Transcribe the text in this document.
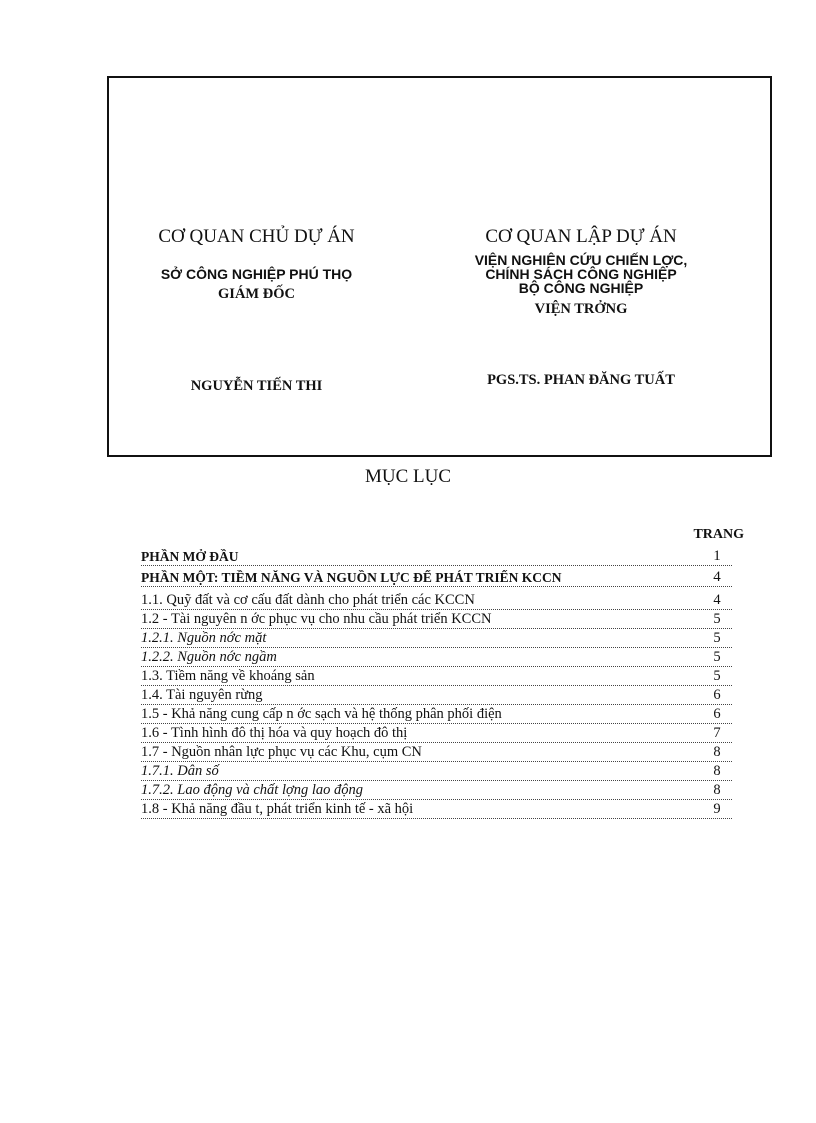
CƠ QUAN CHỦ DỰ ÁN
SỞ CÔNG NGHIỆP PHÚ THỌ
GIÁM ĐỐC
NGUYỄN TIẾN THI
CƠ QUAN LẬP DỰ ÁN
VIỆN NGHIÊN CỨU CHIẾN LỢC,
CHÍNH SÁCH CÔNG NGHIỆP
BỘ CÔNG NGHIỆP
VIỆN TRỞNG
PGS.TS. PHAN ĐĂNG TUẤT
MỤC LỤC
TRANG
PHẦN MỞ ĐẦU	1
PHẦN MỘT: TIỀM NĂNG VÀ NGUỒN LỰC ĐỂ PHÁT TRIỂN KCCN	4
1.1. Quỹ đất và cơ cấu đất dành cho phát triển các KCCN	4
1.2 - Tài nguyên n ớc phục vụ cho nhu cầu phát triển KCCN	5
1.2.1. Nguồn nớc mặt	5
1.2.2. Nguồn nớc ngầm	5
1.3. Tiềm năng về khoáng sản	5
1.4. Tài nguyên rừng	6
1.5 - Khả năng cung cấp n ớc sạch và hệ thống phân phối điện	6
1.6 - Tình hình đô thị hóa và quy hoạch đô thị	7
1.7 - Nguồn nhân lực phục vụ các Khu, cụm CN	8
1.7.1. Dân số	8
1.7.2. Lao động và chất lợng lao động	8
1.8 - Khả năng đầu t, phát triển kinh tế - xã hội	9
